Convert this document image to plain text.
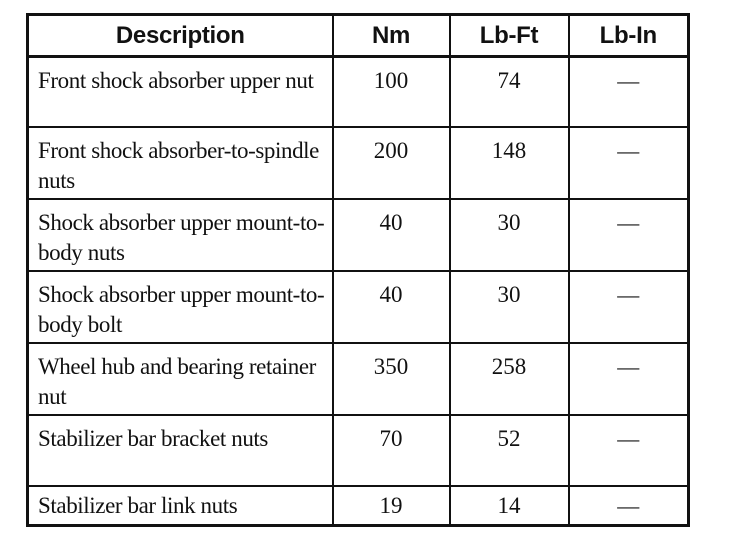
Description	Nm	Lb-Ft	Lb-In
Front shock absorber upper nut	100	74	—
Front shock absorber-to-spindle nuts	200	148	—
Shock absorber upper mount-to-body nuts	40	30	—
Shock absorber upper mount-to-body bolt	40	30	—
Wheel hub and bearing retainer nut	350	258	—
Stabilizer bar bracket nuts	70	52	—
Stabilizer bar link nuts	19	14	—
